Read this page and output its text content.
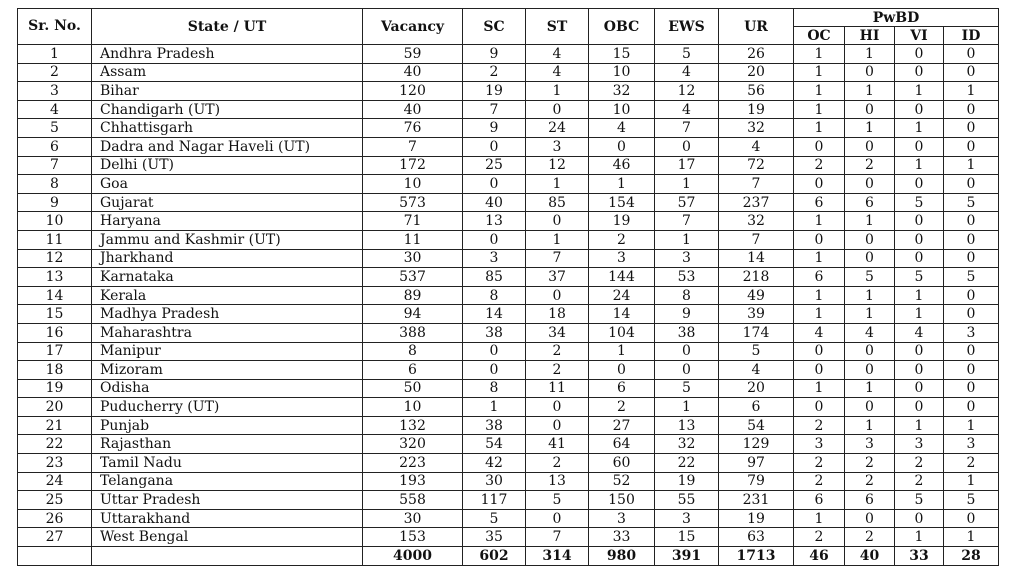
Sr. No.	State / UT	Vacancy	SC	ST	OBC	EWS	UR	PwBD			
								OC	HI	VI	ID
1	Andhra Pradesh	59	9	4	15	5	26	1	1	0	0
2	Assam	40	2	4	10	4	20	1	0	0	0
3	Bihar	120	19	1	32	12	56	1	1	1	1
4	Chandigarh (UT)	40	7	0	10	4	19	1	0	0	0
5	Chhattisgarh	76	9	24	4	7	32	1	1	1	0
6	Dadra and Nagar Haveli (UT)	7	0	3	0	0	4	0	0	0	0
7	Delhi (UT)	172	25	12	46	17	72	2	2	1	1
8	Goa	10	0	1	1	1	7	0	0	0	0
9	Gujarat	573	40	85	154	57	237	6	6	5	5
10	Haryana	71	13	0	19	7	32	1	1	0	0
11	Jammu and Kashmir (UT)	11	0	1	2	1	7	0	0	0	0
12	Jharkhand	30	3	7	3	3	14	1	0	0	0
13	Karnataka	537	85	37	144	53	218	6	5	5	5
14	Kerala	89	8	0	24	8	49	1	1	1	0
15	Madhya Pradesh	94	14	18	14	9	39	1	1	1	0
16	Maharashtra	388	38	34	104	38	174	4	4	4	3
17	Manipur	8	0	2	1	0	5	0	0	0	0
18	Mizoram	6	0	2	0	0	4	0	0	0	0
19	Odisha	50	8	11	6	5	20	1	1	0	0
20	Puducherry (UT)	10	1	0	2	1	6	0	0	0	0
21	Punjab	132	38	0	27	13	54	2	1	1	1
22	Rajasthan	320	54	41	64	32	129	3	3	3	3
23	Tamil Nadu	223	42	2	60	22	97	2	2	2	2
24	Telangana	193	30	13	52	19	79	2	2	2	1
25	Uttar Pradesh	558	117	5	150	55	231	6	6	5	5
26	Uttarakhand	30	5	0	3	3	19	1	0	0	0
27	West Bengal	153	35	7	33	15	63	2	2	1	1
		4000	602	314	980	391	1713	46	40	33	28
